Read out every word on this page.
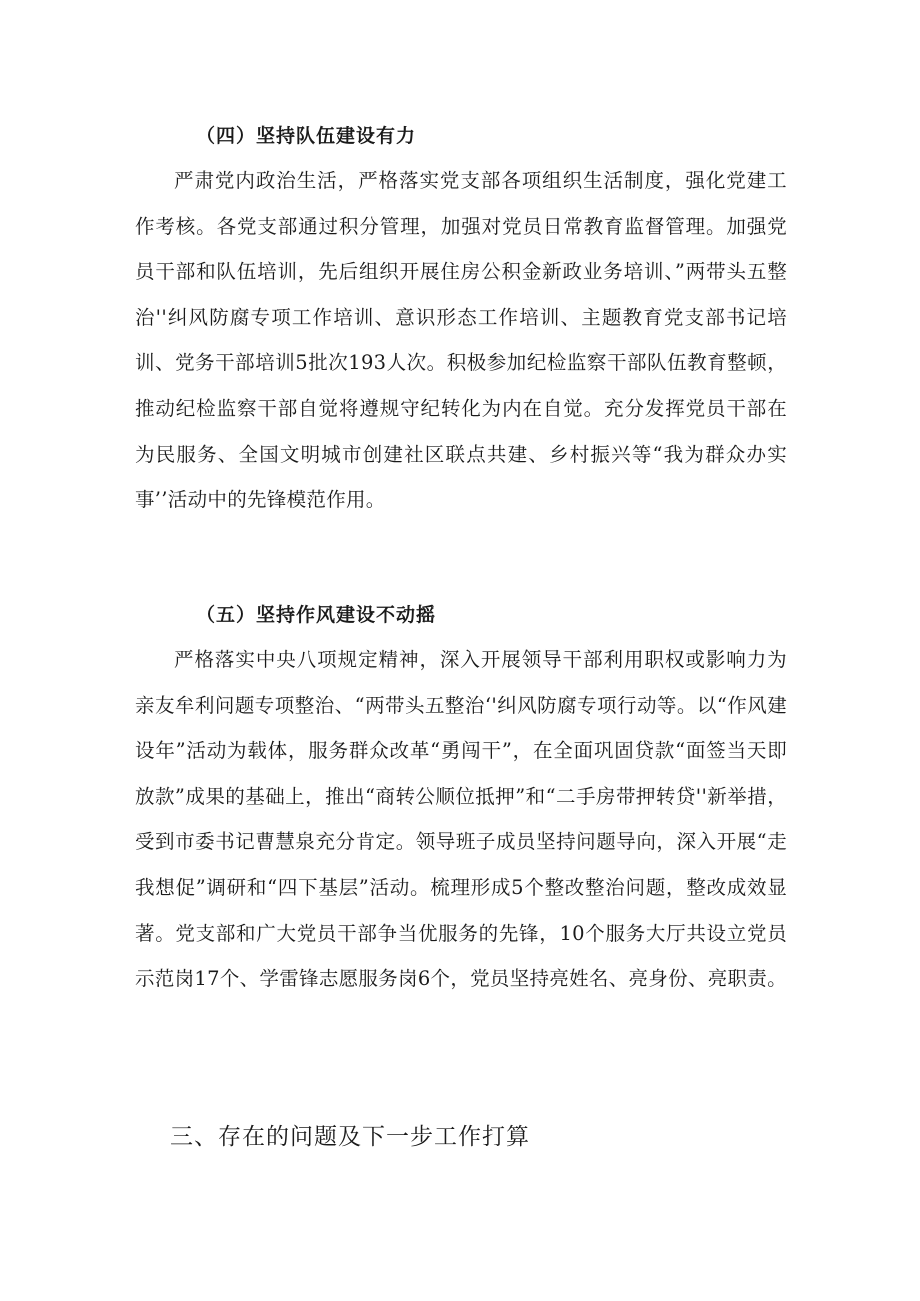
（四）坚持队伍建设有力

严肃党内政治生活，严格落实党支部各项组织生活制度，强化党建工作考核。各党支部通过积分管理，加强对党员日常教育监督管理。加强党员干部和队伍培训，先后组织开展住房公积金新政业务培训、”两带头五整治''纠风防腐专项工作培训、意识形态工作培训、主题教育党支部书记培训、党务干部培训5批次193人次。积极参加纪检监察干部队伍教育整顿，推动纪检监察干部自觉将遵规守纪转化为内在自觉。充分发挥党员干部在为民服务、全国文明城市创建社区联点共建、乡村振兴等“我为群众办实事’’活动中的先锋模范作用。

（五）坚持作风建设不动摇

严格落实中央八项规定精神，深入开展领导干部利用职权或影响力为亲友牟利问题专项整治、“两带头五整治‘'纠风防腐专项行动等。以“作风建设年”活动为载体，服务群众改革“勇闯干”，在全面巩固贷款“面签当天即放款”成果的基础上，推出“商转公顺位抵押”和“二手房带押转贷''新举措，受到市委书记曹慧泉充分肯定。领导班子成员坚持问题导向，深入开展“走我想促”调研和“四下基层”活动。梳理形成5个整改整治问题，整改成效显著。党支部和广大党员干部争当优服务的先锋，10个服务大厅共设立党员示范岗17个、学雷锋志愿服务岗6个，党员坚持亮姓名、亮身份、亮职责。

三、存在的问题及下一步工作打算
